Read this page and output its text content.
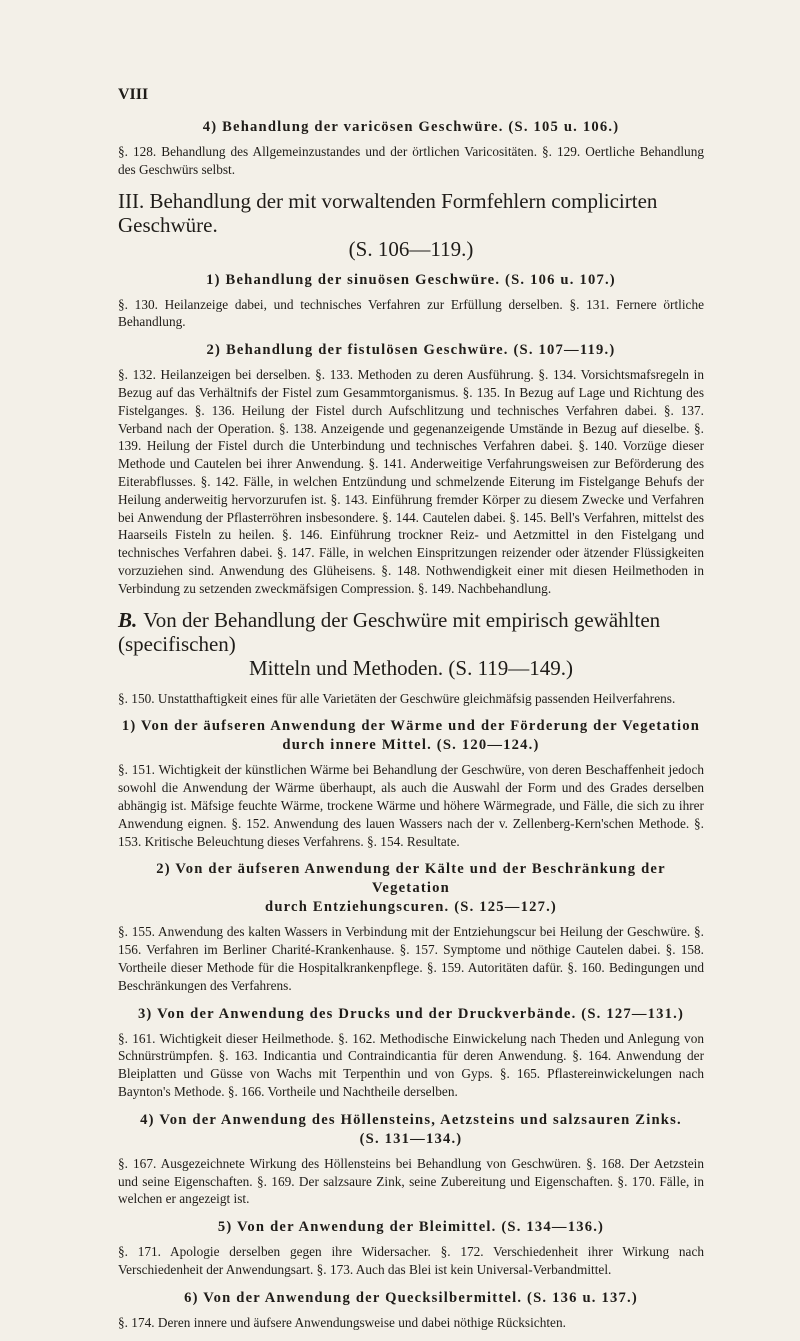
VIII
4) Behandlung der varicösen Geschwüre. (S. 105 u. 106.)

§. 128. Behandlung des Allgemeinzustandes und der örtlichen Varicositäten. §. 129. Oertliche Behandlung des Geschwürs selbst.

III. Behandlung der mit vorwaltenden Formfehlern complicirten Geschwüre.
(S. 106—119.)
1) Behandlung der sinuösen Geschwüre. (S. 106 u. 107.)

§. 130. Heilanzeige dabei, und technisches Verfahren zur Erfüllung derselben. §. 131. Fernere örtliche Behandlung.

2) Behandlung der fistulösen Geschwüre. (S. 107—119.)

§. 132. Heilanzeigen bei derselben. §. 133. Methoden zu deren Ausführung. §. 134. Vorsichtsmafsregeln in Bezug auf das Verhältnifs der Fistel zum Gesammtorganismus. §. 135. In Bezug auf Lage und Richtung des Fistelganges. §. 136. Heilung der Fistel durch Aufschlitzung und technisches Verfahren dabei. §. 137. Verband nach der Operation. §. 138. Anzeigende und gegenanzeigende Umstände in Bezug auf dieselbe. §. 139. Heilung der Fistel durch die Unterbindung und technisches Verfahren dabei. §. 140. Vorzüge dieser Methode und Cautelen bei ihrer Anwendung. §. 141. Anderweitige Verfahrungsweisen zur Beförderung des Eiterabflusses. §. 142. Fälle, in welchen Entzündung und schmelzende Eiterung im Fistelgange Behufs der Heilung anderweitig hervorzurufen ist. §. 143. Einführung fremder Körper zu diesem Zwecke und Verfahren bei Anwendung der Pflasterröhren insbesondere. §. 144. Cautelen dabei. §. 145. Bell's Verfahren, mittelst des Haarseils Fisteln zu heilen. §. 146. Einführung trockner Reiz- und Aetzmittel in den Fistelgang und technisches Verfahren dabei. §. 147. Fälle, in welchen Einspritzungen reizender oder ätzender Flüssigkeiten vorzuziehen sind. Anwendung des Glüheisens. §. 148. Nothwendigkeit einer mit diesen Heilmethoden in Verbindung zu setzenden zweckmäfsigen Compression. §. 149. Nachbehandlung.

B. Von der Behandlung der Geschwüre mit empirisch gewählten (specifischen)
Mitteln und Methoden. (S. 119—149.)

§. 150. Unstatthaftigkeit eines für alle Varietäten der Geschwüre gleichmäfsig passenden Heilverfahrens.

1) Von der äufseren Anwendung der Wärme und der Förderung der Vegetation
durch innere Mittel. (S. 120—124.)

§. 151. Wichtigkeit der künstlichen Wärme bei Behandlung der Geschwüre, von deren Beschaffenheit jedoch sowohl die Anwendung der Wärme überhaupt, als auch die Auswahl der Form und des Grades derselben abhängig ist. Mäfsige feuchte Wärme, trockene Wärme und höhere Wärmegrade, und Fälle, die sich zu ihrer Anwendung eignen. §. 152. Anwendung des lauen Wassers nach der v. Zellenberg-Kern'schen Methode. §. 153. Kritische Beleuchtung dieses Verfahrens. §. 154. Resultate.

2) Von der äufseren Anwendung der Kälte und der Beschränkung der Vegetation
durch Entziehungscuren. (S. 125—127.)

§. 155. Anwendung des kalten Wassers in Verbindung mit der Entziehungscur bei Heilung der Geschwüre. §. 156. Verfahren im Berliner Charité-Krankenhause. §. 157. Symptome und nöthige Cautelen dabei. §. 158. Vortheile dieser Methode für die Hospitalkrankenpflege. §. 159. Autoritäten dafür. §. 160. Bedingungen und Beschränkungen des Verfahrens.

3) Von der Anwendung des Drucks und der Druckverbände. (S. 127—131.)

§. 161. Wichtigkeit dieser Heilmethode. §. 162. Methodische Einwickelung nach Theden und Anlegung von Schnürstrümpfen. §. 163. Indicantia und Contraindicantia für deren Anwendung. §. 164. Anwendung der Bleiplatten und Güsse von Wachs mit Terpenthin und von Gyps. §. 165. Pflastereinwickelungen nach Baynton's Methode. §. 166. Vortheile und Nachtheile derselben.

4) Von der Anwendung des Höllensteins, Aetzsteins und salzsauren Zinks.
(S. 131—134.)

§. 167. Ausgezeichnete Wirkung des Höllensteins bei Behandlung von Geschwüren. §. 168. Der Aetzstein und seine Eigenschaften. §. 169. Der salzsaure Zink, seine Zubereitung und Eigenschaften. §. 170. Fälle, in welchen er angezeigt ist.

5) Von der Anwendung der Bleimittel. (S. 134—136.)

§. 171. Apologie derselben gegen ihre Widersacher. §. 172. Verschiedenheit ihrer Wirkung nach Verschiedenheit der Anwendungsart. §. 173. Auch das Blei ist kein Universal-Verbandmittel.

6) Von der Anwendung der Quecksilbermittel. (S. 136 u. 137.)

§. 174. Deren innere und äufsere Anwendungsweise und dabei nöthige Rücksichten.
